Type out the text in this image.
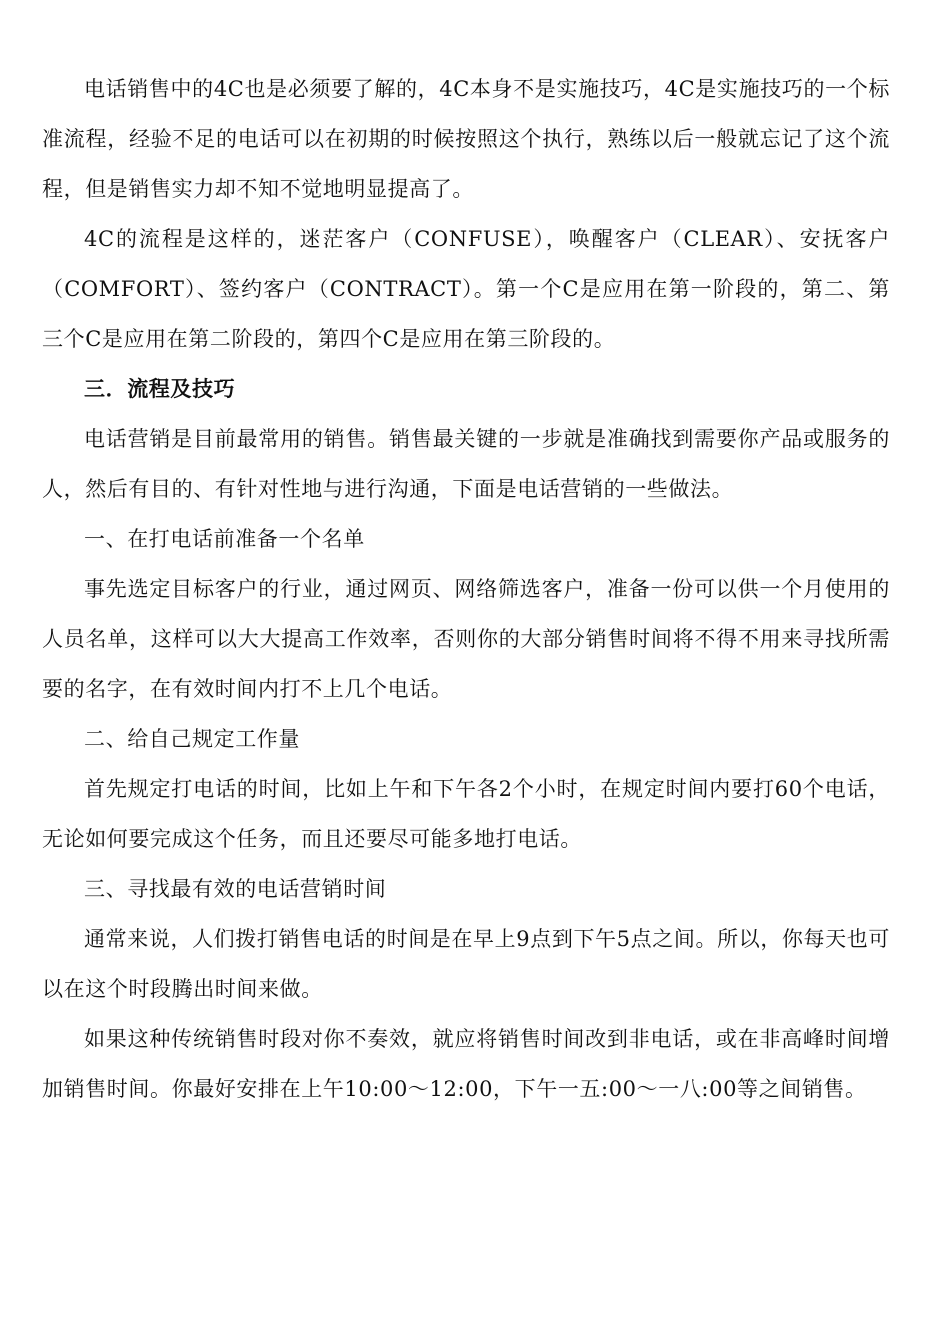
电话销售中的4C也是必须要了解的，4C本身不是实施技巧，4C是实施技巧的一个标准流程，经验不足的电话可以在初期的时候按照这个执行，熟练以后一般就忘记了这个流程，但是销售实力却不知不觉地明显提高了。

4C的流程是这样的，迷茫客户（CONFUSE），唤醒客户（CLEAR）、安抚客户（COMFORT）、签约客户（CONTRACT）。第一个C是应用在第一阶段的，第二、第三个C是应用在第二阶段的，第四个C是应用在第三阶段的。

三．流程及技巧

电话营销是目前最常用的销售。销售最关键的一步就是准确找到需要你产品或服务的人，然后有目的、有针对性地与进行沟通，下面是电话营销的一些做法。

一、在打电话前准备一个名单

事先选定目标客户的行业，通过网页、网络筛选客户，准备一份可以供一个月使用的人员名单，这样可以大大提高工作效率，否则你的大部分销售时间将不得不用来寻找所需要的名字，在有效时间内打不上几个电话。

二、给自己规定工作量

首先规定打电话的时间，比如上午和下午各2个小时，在规定时间内要打60个电话，无论如何要完成这个任务，而且还要尽可能多地打电话。

三、寻找最有效的电话营销时间

通常来说，人们拨打销售电话的时间是在早上9点到下午5点之间。所以，你每天也可以在这个时段腾出时间来做。

如果这种传统销售时段对你不奏效，就应将销售时间改到非电话，或在非高峰时间增加销售时间。你最好安排在上午10:00～12:00，下午一五:00～一八:00等之间销售。
